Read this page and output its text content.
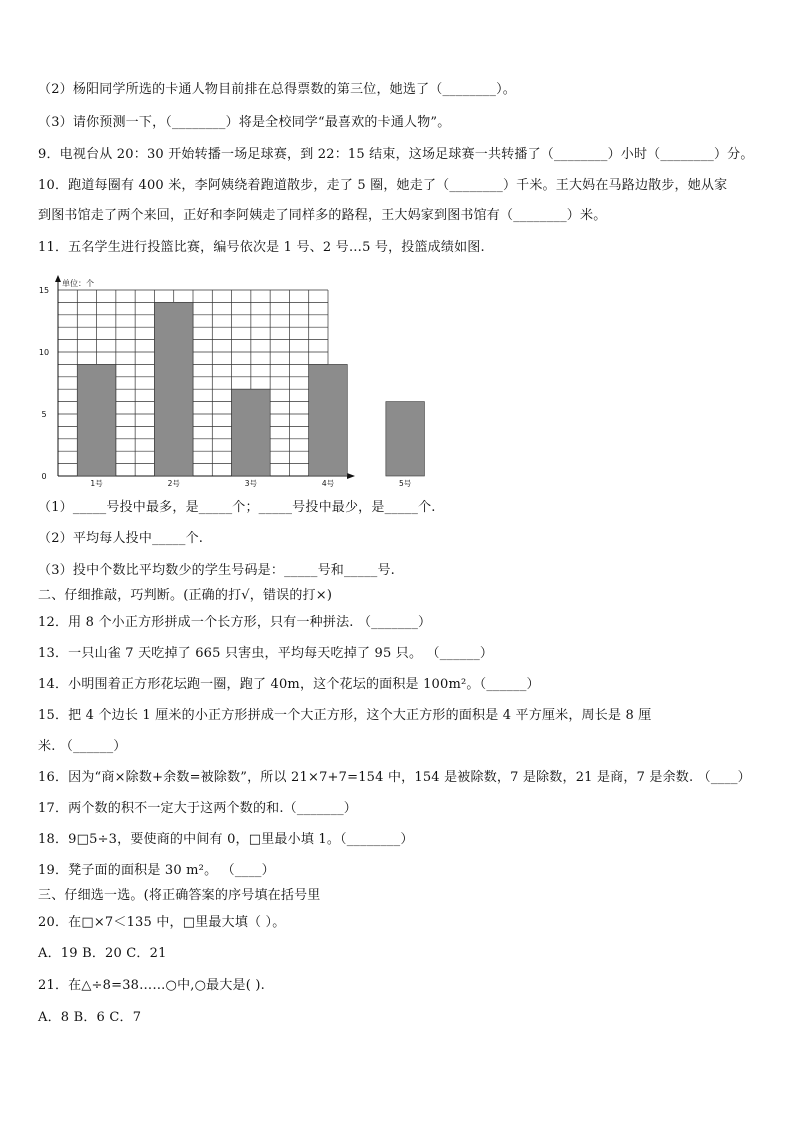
（2）杨阳同学所选的卡通人物目前排在总得票数的第三位，她选了（________）。
（3）请你预测一下，（________）将是全校同学“最喜欢的卡通人物”。
9．电视台从 20：30 开始转播一场足球赛，到 22：15 结束，这场足球赛一共转播了（________）小时（________）分。
10．跑道每圈有 400 米，李阿姨绕着跑道散步，走了 5 圈，她走了（________）千米。王大妈在马路边散步，她从家
到图书馆走了两个来回，正好和李阿姨走了同样多的路程，王大妈家到图书馆有（________）米。
11．五名学生进行投篮比赛，编号依次是 1 号、2 号…5 号，投篮成绩如图.
单位：个
0
5
10
15
1号	2号	3号	4号	5号
（1）_____号投中最多，是_____个；_____号投中最少，是_____个.
（2）平均每人投中_____个.
（3）投中个数比平均数少的学生号码是：_____号和_____号.
二、仔细推敲，巧判断。(正确的打√，错误的打×)
12．用 8 个小正方形拼成一个长方形，只有一种拼法. （_______）
13．一只山雀 7 天吃掉了 665 只害虫，平均每天吃掉了 95 只。 （______）
14．小明围着正方形花坛跑一圈，跑了 40m，这个花坛的面积是 100m²。（______）
15．把 4 个边长 1 厘米的小正方形拼成一个大正方形，这个大正方形的面积是 4 平方厘米，周长是 8 厘
米. （______）
16．因为“商×除数+余数=被除数”，所以 21×7+7=154 中，154 是被除数，7 是除数，21 是商，7 是余数. （____）
17．两个数的积不一定大于这两个数的和.（_______）
18．9□5÷3，要使商的中间有 0，□里最小填 1。（________）
19．凳子面的面积是 30 m²。 （____）
三、仔细选一选。(将正确答案的序号填在括号里
20．在□×7＜135 中，□里最大填（ ）。
A．19 B．20 C．21
21．在△÷8=38……○中,○最大是( ).
A．8 B．6 C．7
